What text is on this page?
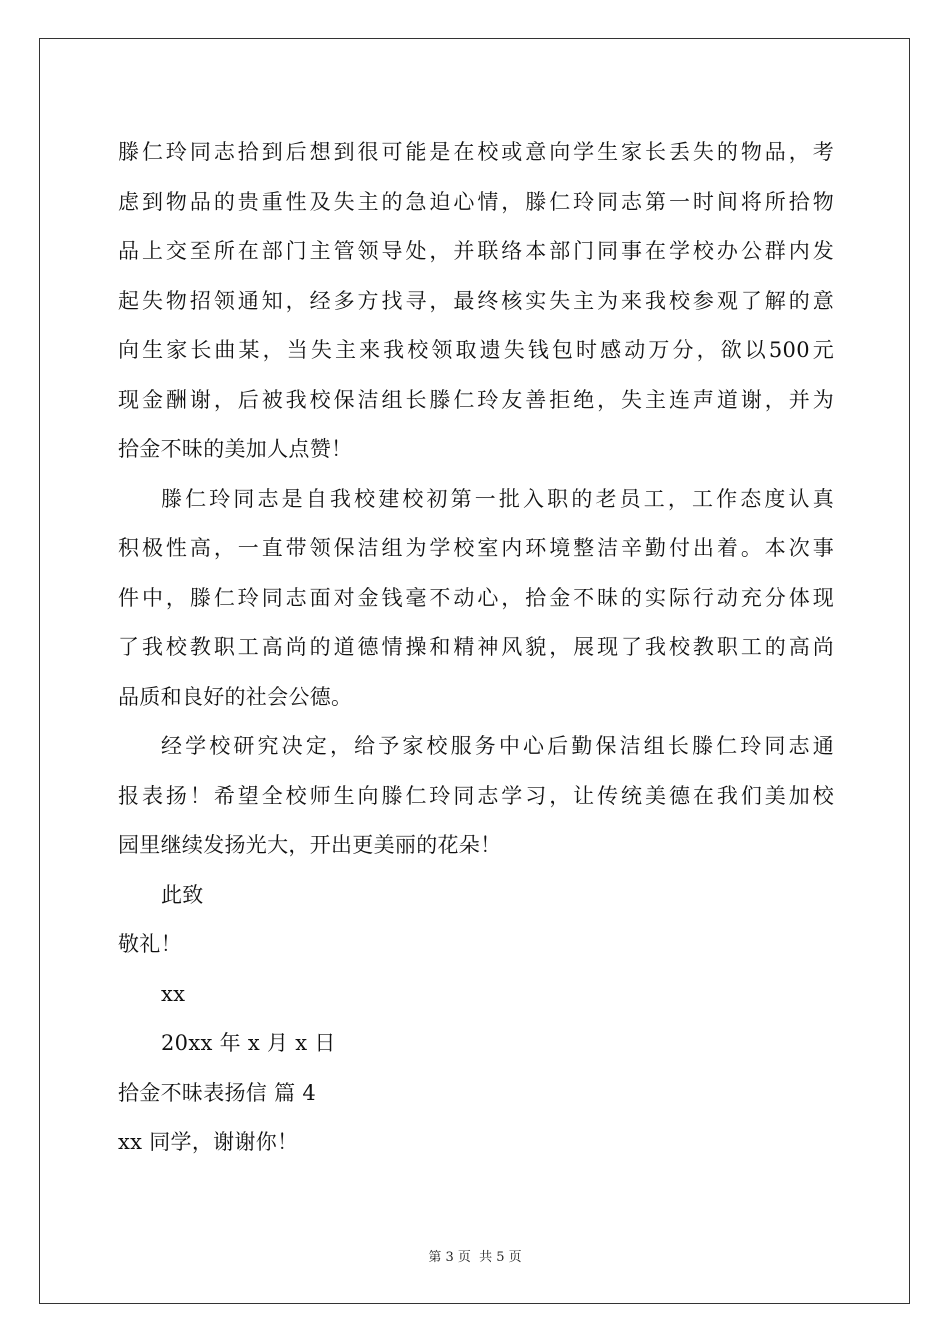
滕仁玲同志拾到后想到很可能是在校或意向学生家长丢失的物品，考
虑到物品的贵重性及失主的急迫心情，滕仁玲同志第一时间将所拾物
品上交至所在部门主管领导处，并联络本部门同事在学校办公群内发
起失物招领通知，经多方找寻，最终核实失主为来我校参观了解的意
向生家长曲某，当失主来我校领取遗失钱包时感动万分，欲以500元
现金酬谢，后被我校保洁组长滕仁玲友善拒绝，失主连声道谢，并为
拾金不昧的美加人点赞！
滕仁玲同志是自我校建校初第一批入职的老员工，工作态度认真
积极性高，一直带领保洁组为学校室内环境整洁辛勤付出着。本次事
件中，滕仁玲同志面对金钱毫不动心，拾金不昧的实际行动充分体现
了我校教职工高尚的道德情操和精神风貌，展现了我校教职工的高尚
品质和良好的社会公德。
经学校研究决定，给予家校服务中心后勤保洁组长滕仁玲同志通
报表扬！希望全校师生向滕仁玲同志学习，让传统美德在我们美加校
园里继续发扬光大，开出更美丽的花朵！
此致
敬礼！
xx
20xx 年 x 月 x 日
拾金不昧表扬信 篇 4
xx 同学，谢谢你！
第 3 页 共 5 页
